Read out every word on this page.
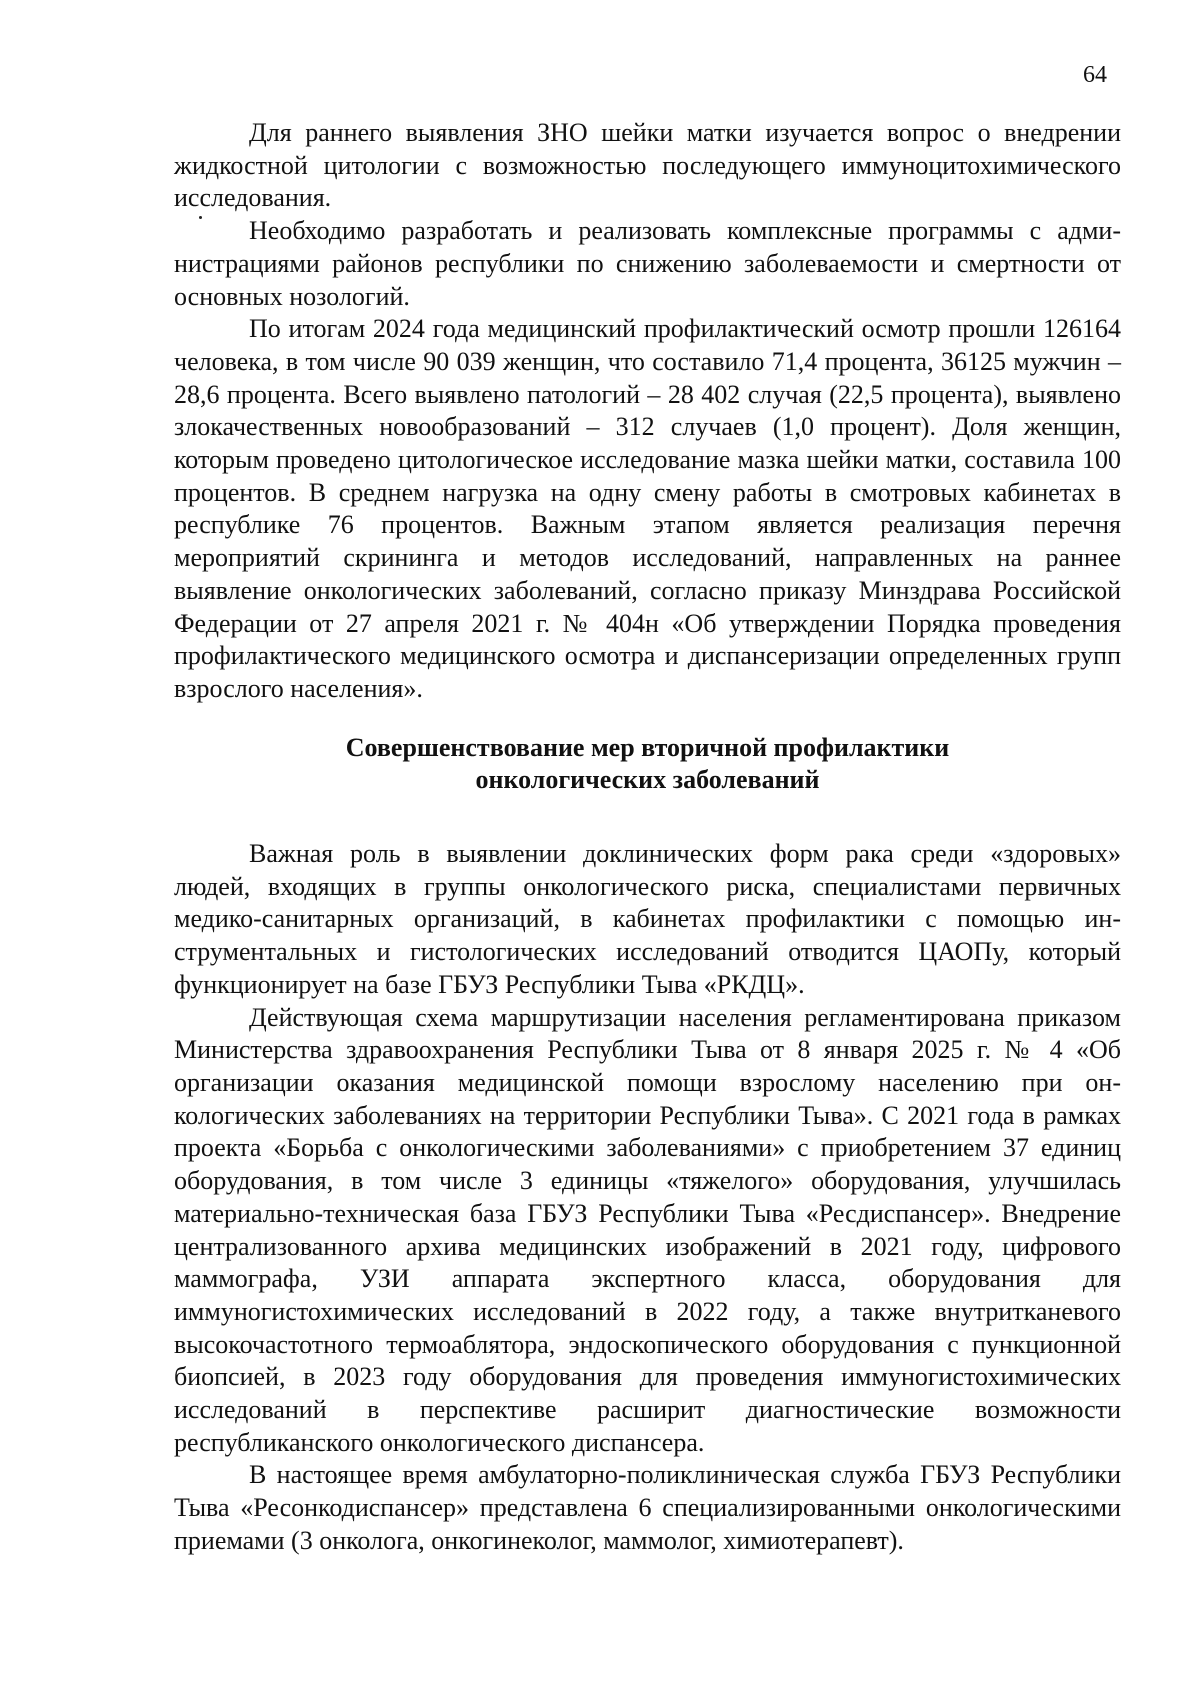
64

Для раннего выявления ЗНО шейки матки изучается вопрос о внедрении жидкостной цитологии с возможностью последующего иммуноцитохимического исследования.

Необходимо разработать и реализовать комплексные программы с администрациями районов республики по снижению заболеваемости и смертности от основных нозологий.

По итогам 2024 года медицинский профилактический осмотр прошли 126164 человека, в том числе 90 039 женщин, что составило 71,4 процента, 36125 мужчин – 28,6 процента. Всего выявлено патологий – 28 402 случая (22,5 процента), выявлено злокачественных новообразований – 312 случаев (1,0 процент). Доля женщин, которым проведено цитологическое исследование мазка шейки матки, составила 100 процентов. В среднем нагрузка на одну смену работы в смотровых кабинетах в республике 76 процентов. Важным этапом является реализация перечня мероприятий скрининга и методов исследований, направленных на раннее выявление онкологических заболеваний, согласно приказу Минздрава Российской Федерации от 27 апреля 2021 г. № 404н «Об утверждении Порядка проведения профилактического медицинского осмотра и диспансеризации определенных групп взрослого населения».

Совершенствование мер вторичной профилактики
онкологических заболеваний

Важная роль в выявлении доклинических форм рака среди «здоровых» людей, входящих в группы онкологического риска, специалистами первичных медико-санитарных организаций, в кабинетах профилактики с помощью инструментальных и гистологических исследований отводится ЦАОПу, который функционирует на базе ГБУЗ Республики Тыва «РКДЦ».

Действующая схема маршрутизации населения регламентирована приказом Министерства здравоохранения Республики Тыва от 8 января 2025 г. № 4 «Об организации оказания медицинской помощи взрослому населению при онкологических заболеваниях на территории Республики Тыва». С 2021 года в рамках проекта «Борьба с онкологическими заболеваниями» с приобретением 37 единиц оборудования, в том числе 3 единицы «тяжелого» оборудования, улучшилась материально-техническая база ГБУЗ Республики Тыва «Ресдиспансер». Внедрение централизованного архива медицинских изображений в 2021 году, цифрового маммографа, УЗИ аппарата экспертного класса, оборудования для иммуногистохимических исследований в 2022 году, а также внутритканевого высокочастотного термоаблятора, эндоскопического оборудования с пункционной биопсией, в 2023 году оборудования для проведения иммуногистохимических исследований в перспективе расширит диагностические возможности республиканского онкологического диспансера.

В настоящее время амбулаторно-поликлиническая служба ГБУЗ Республики Тыва «Ресонкодиспансер» представлена 6 специализированными онкологическими приемами (3 онколога, онкогинеколог, маммолог, химиотерапевт).
